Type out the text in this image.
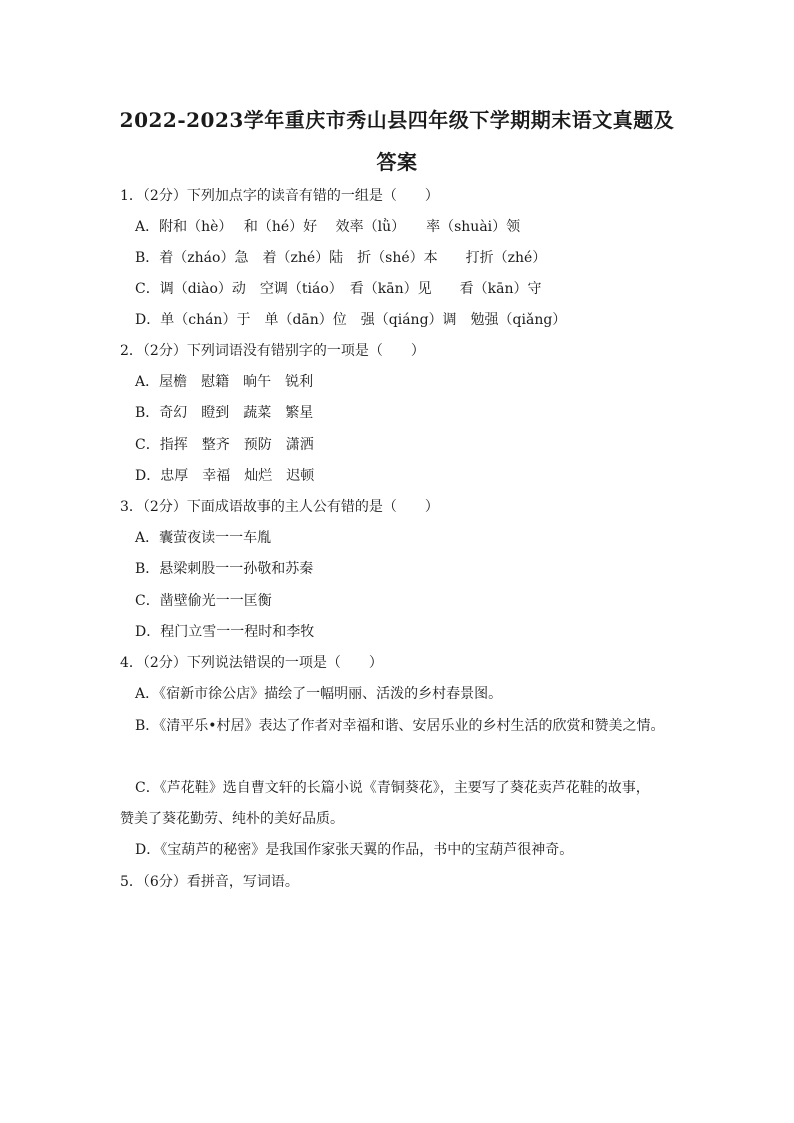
2022-2023学年重庆市秀山县四年级下学期期末语文真题及
答案
1．（2分）下列加点字的读音有错的一组是（　　）
A．附和（hè）　 和（hé）好　 效率（lǜ）　　率（shuài）领
B．着（zháo）急　着（zhé）陆　折（shé）本　　打折（zhé）
C．调（diào）动　空调（tiáo）　看（kān）见　　看（kān）守
D．单（chán）于　单（dān）位　强（qiáng）调　勉强（qiǎng）
2．（2分）下列词语没有错别字的一项是（　　）
A．屋檐　慰籍　晌午　锐利
B．奇幻　瞪到　蔬菜　繁星
C．指挥　整齐　预防　潇洒
D．忠厚　幸福　灿烂　迟顿
3．（2分）下面成语故事的主人公有错的是（　　）
A．囊萤夜读一一车胤
B．悬梁刺股一一孙敬和苏秦
C．凿壁偷光一一匡衡
D．程门立雪一一程时和李牧
4．（2分）下列说法错误的一项是（　　）
A．《宿新市徐公店》描绘了一幅明丽、活泼的乡村春景图。
B．《清平乐•村居》表达了作者对幸福和谐、安居乐业的乡村生活的欣赏和赞美之情。
C．《芦花鞋》选自曹文轩的长篇小说《青铜葵花》，主要写了葵花卖芦花鞋的故事，
赞美了葵花勤劳、纯朴的美好品质。
D．《宝葫芦的秘密》是我国作家张天翼的作品，书中的宝葫芦很神奇。
5．（6分）看拼音，写词语。
